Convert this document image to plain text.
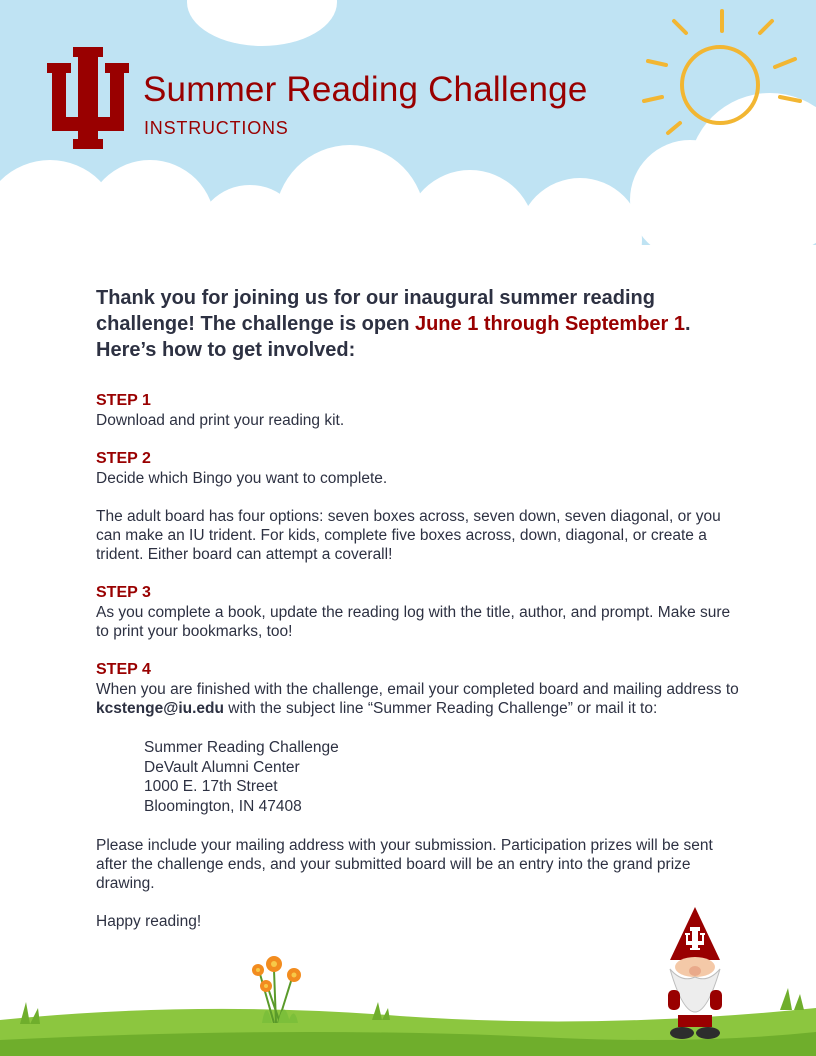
Summer Reading Challenge
INSTRUCTIONS

Thank you for joining us for our inaugural summer reading challenge! The challenge is open June 1 through September 1. Here’s how to get involved:

STEP 1

Download and print your reading kit.

STEP 2

Decide which Bingo you want to complete.

The adult board has four options: seven boxes across, seven down, seven diagonal, or you can make an IU trident. For kids, complete five boxes across, down, diagonal, or create a trident. Either board can attempt a coverall!

STEP 3

As you complete a book, update the reading log with the title, author, and prompt. Make sure to print your bookmarks, too!

STEP 4

When you are finished with the challenge, email your completed board and mailing address to kcstenge@iu.edu with the subject line “Summer Reading Challenge” or mail it to:

Summer Reading Challenge
DeVault Alumni Center
1000 E. 17th Street
Bloomington, IN 47408

Please include your mailing address with your submission. Participation prizes will be sent after the challenge ends, and your submitted board will be an entry into the grand prize drawing.

Happy reading!
